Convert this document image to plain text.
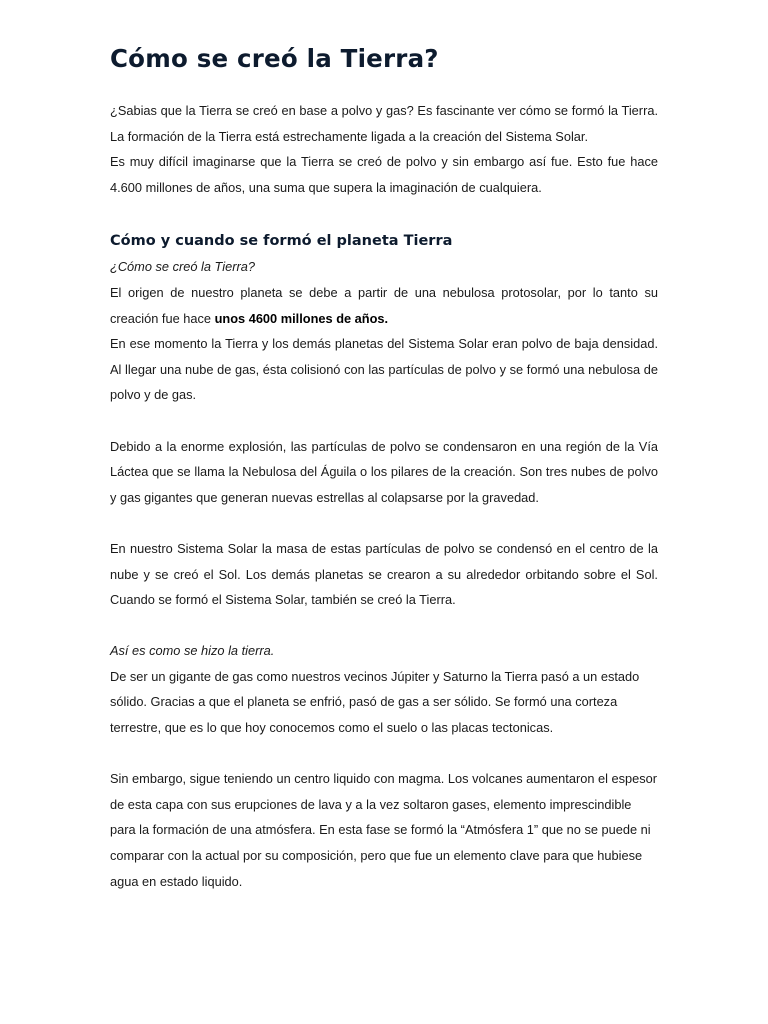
Cómo se creó la Tierra?

¿Sabias que la Tierra se creó en base a polvo y gas? Es fascinante ver cómo se formó la Tierra. La formación de la Tierra está estrechamente ligada a la creación del Sistema Solar.

Es muy difícil imaginarse que la Tierra se creó de polvo y sin embargo así fue. Esto fue hace 4.600 millones de años, una suma que supera la imaginación de cualquiera.

Cómo y cuando se formó el planeta Tierra

¿Cómo se creó la Tierra?

El origen de nuestro planeta se debe a partir de una nebulosa protosolar, por lo tanto su creación fue hace unos 4600 millones de años.

En ese momento la Tierra y los demás planetas del Sistema Solar eran polvo de baja densidad. Al llegar una nube de gas, ésta colisionó con las partículas de polvo y se formó una nebulosa de polvo y de gas.

Debido a la enorme explosión, las partículas de polvo se condensaron en una región de la Vía Láctea que se llama la Nebulosa del Águila o los pilares de la creación. Son tres nubes de polvo y gas gigantes que generan nuevas estrellas al colapsarse por la gravedad.

En nuestro Sistema Solar la masa de estas partículas de polvo se condensó en el centro de la nube y se creó el Sol. Los demás planetas se crearon a su alrededor orbitando sobre el Sol. Cuando se formó el Sistema Solar, también se creó la Tierra.

Así es como se hizo la tierra.

De ser un gigante de gas como nuestros vecinos Júpiter y Saturno la Tierra pasó a un estado sólido. Gracias a que el planeta se enfrió, pasó de gas a ser sólido. Se formó una corteza terrestre, que es lo que hoy conocemos como el suelo o las placas tectonicas.

Sin embargo, sigue teniendo un centro liquido con magma. Los volcanes aumentaron el espesor de esta capa con sus erupciones de lava y a la vez soltaron gases, elemento imprescindible para la formación de una atmósfera. En esta fase se formó la “Atmósfera 1” que no se puede ni comparar con la actual por su composición, pero que fue un elemento clave para que hubiese agua en estado liquido.
